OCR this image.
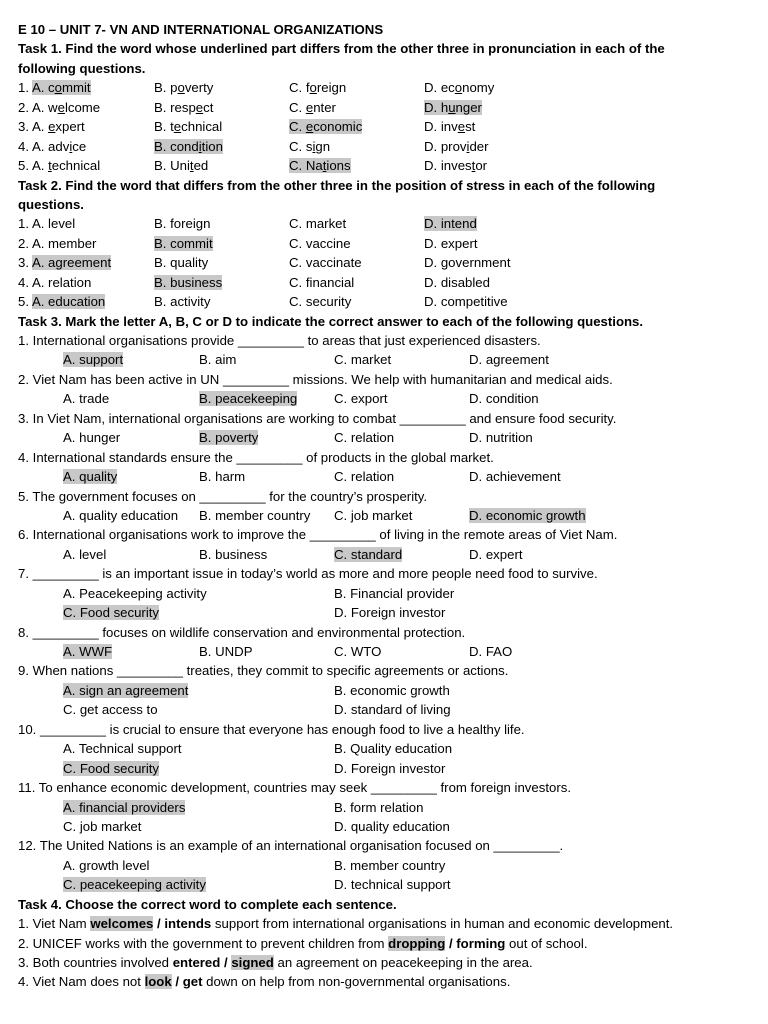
E 10 – UNIT 7- VN AND INTERNATIONAL ORGANIZATIONS
Task 1. Find the word whose underlined part differs from the other three in pronunciation in each of the
following questions.
1. A. commit	B. poverty	C. foreign	D. economy
2. A. welcome	B. respect	C. enter	D. hunger
3. A. expert	B. technical	C. economic	D. invest
4. A. advice	B. condition	C. sign	D. provider
5. A. technical	B. United	C. Nations	D. investor
Task 2. Find the word that differs from the other three in the position of stress in each of the following
questions.
1. A. level	B. foreign	C. market	D. intend
2. A. member	B. commit	C. vaccine	D. expert
3. A. agreement	B. quality	C. vaccinate	D. government
4. A. relation	B. business	C. financial	D. disabled
5. A. education	B. activity	C. security	D. competitive
Task 3. Mark the letter A, B, C or D to indicate the correct answer to each of the following questions.
1. International organisations provide _________ to areas that just experienced disasters.
A. support	B. aim	C. market	D. agreement
2. Viet Nam has been active in UN _________ missions. We help with humanitarian and medical aids.
A. trade	B. peacekeeping	C. export	D. condition
3. In Viet Nam, international organisations are working to combat _________ and ensure food security.
A. hunger	B. poverty	C. relation	D. nutrition
4. International standards ensure the _________ of products in the global market.
A. quality	B. harm	C. relation	D. achievement
5. The government focuses on _________ for the country’s prosperity.
A. quality education B. member country C. job market	D. economic growth
6. International organisations work to improve the _________ of living in the remote areas of Viet Nam.
A. level	B. business	C. standard	D. expert
7. _________ is an important issue in today’s world as more and more people need food to survive.
A. Peacekeeping activity	B. Financial provider
C. Food security	D. Foreign investor
8. _________ focuses on wildlife conservation and environmental protection.
A. WWF	B. UNDP	C. WTO	D. FAO
9. When nations _________ treaties, they commit to specific agreements or actions.
A. sign an agreement	B. economic growth
C. get access to	D. standard of living
10. _________ is crucial to ensure that everyone has enough food to live a healthy life.
A. Technical support	B. Quality education
C. Food security	D. Foreign investor
11. To enhance economic development, countries may seek _________ from foreign investors.
A. financial providers	B. form relation
C. job market	D. quality education
12. The United Nations is an example of an international organisation focused on _________.
A. growth level	B. member country
C. peacekeeping activity	D. technical support
Task 4. Choose the correct word to complete each sentence.
1. Viet Nam welcomes / intends support from international organisations in human and economic development.
2. UNICEF works with the government to prevent children from dropping / forming out of school.
3. Both countries involved entered / signed an agreement on peacekeeping in the area.
4. Viet Nam does not look / get down on help from non-governmental organisations.
